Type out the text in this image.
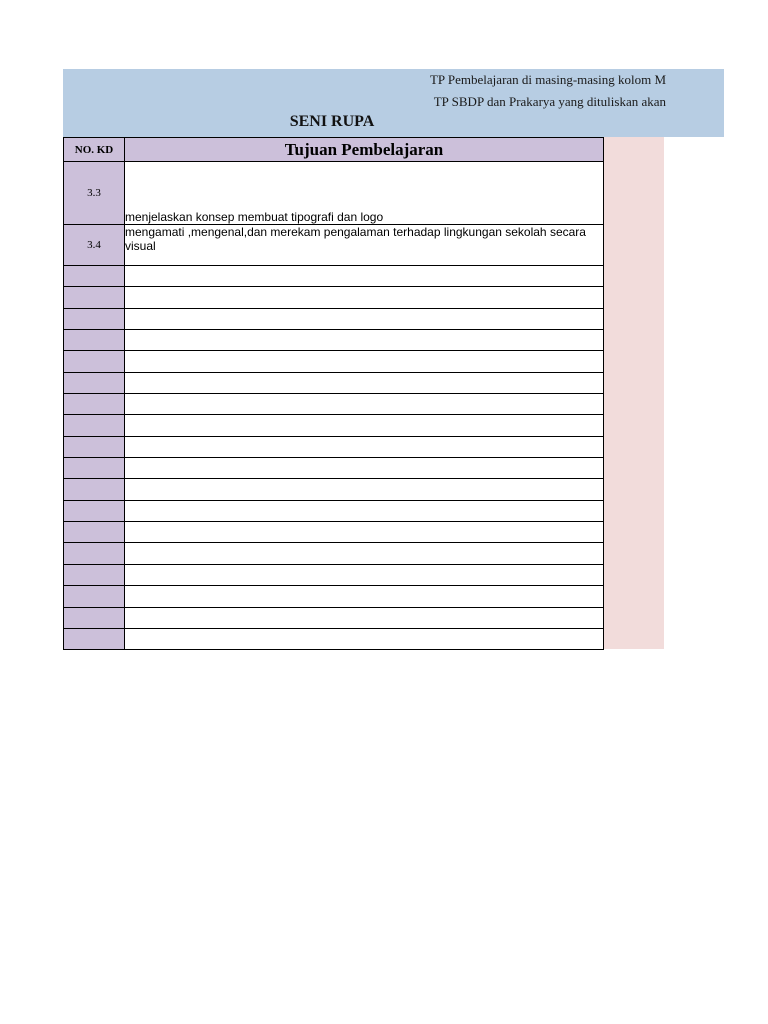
TP Pembelajaran di masing-masing kolom M
TP SBDP dan Prakarya yang dituliskan akan
SENI RUPA
NO. KD	Tujuan Pembelajaran
3.3	menjelaskan konsep membuat tipografi dan logo
3.4	mengamati ,mengenal,dan merekam pengalaman terhadap lingkungan sekolah secara visual
